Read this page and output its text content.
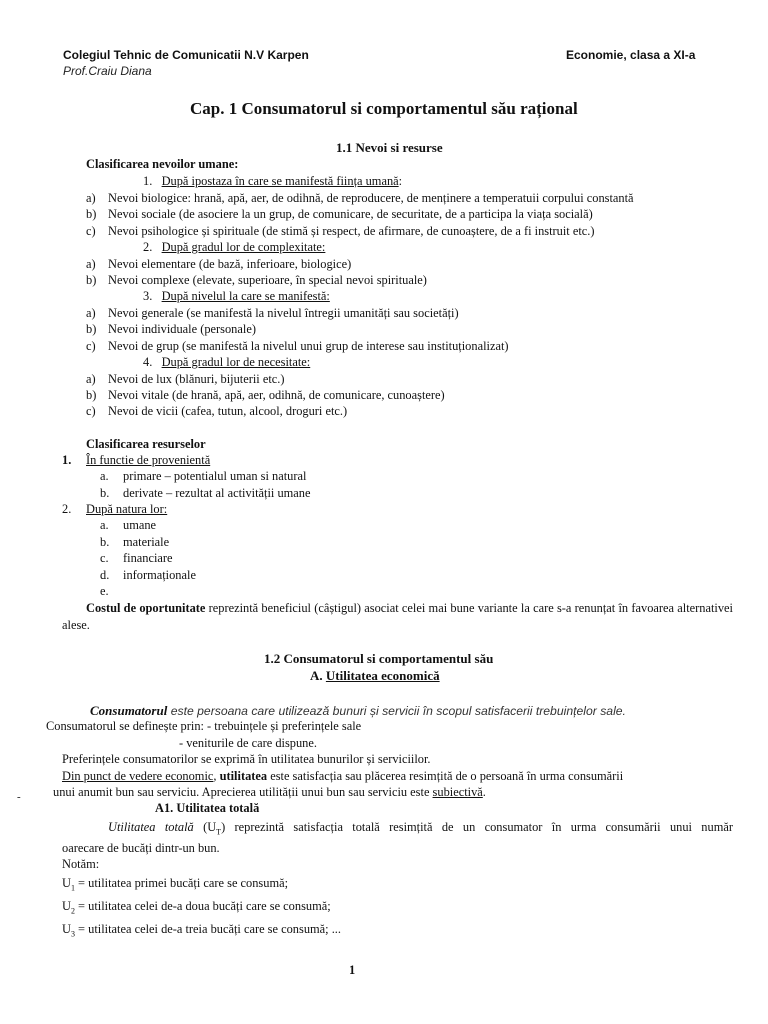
Colegiul Tehnic de Comunicatii N.V Karpen
Prof.Craiu Diana
Economie, clasa a XI-a
Cap. 1 Consumatorul si comportamentul său rațional
1.1 Nevoi si resurse
Clasificarea nevoilor umane:
1. După ipostaza în care se manifestă ființa umană:
a) Nevoi biologice: hrană, apă, aer, de odihnă, de reproducere, de menținere a temperatuii corpului constantă
b) Nevoi sociale (de asociere la un grup, de comunicare, de securitate, de a participa la viața socială)
c) Nevoi psihologice și spirituale (de stimă și respect, de afirmare, de cunoaștere, de a fi instruit etc.)
2. După gradul lor de complexitate:
a) Nevoi elementare (de bază, inferioare, biologice)
b) Nevoi complexe (elevate, superioare, în special nevoi spirituale)
3. După nivelul la care se manifestă:
a) Nevoi generale (se manifestă la nivelul întregii umanități sau societăți)
b) Nevoi individuale (personale)
c) Nevoi de grup (se manifestă la nivelul unui grup de interese sau instituționalizat)
4. După gradul lor de necesitate:
a) Nevoi de lux (blănuri, bijuterii etc.)
b) Nevoi vitale (de hrană, apă, aer, odihnă, de comunicare, cunoaștere)
c) Nevoi de vicii (cafea, tutun, alcool, droguri etc.)
Clasificarea resurselor
1. În functie de provenientă
a. primare – potentialul uman si natural
b. derivate – rezultat al activității umane
2. După natura lor:
a. umane
b. materiale
c. financiare
d. informaționale
e.
Costul de oportunitate reprezintă beneficiul (câștigul) asociat celei mai bune variante la care s-a renunțat în favoarea alternativei alese.
1.2 Consumatorul si comportamentul său
A. Utilitatea economică
Consumatorul este persoana care utilizează bunuri și servicii în scopul satisfacerii trebuințelor sale.
Consumatorul se definește prin: - trebuințele și preferințele sale
- veniturile de care dispune.
Preferințele consumatorilor se exprimă în utilitatea bunurilor și serviciilor.
Din punct de vedere economic, utilitatea este satisfacția sau plăcerea resimțită de o persoană în urma consumării
unui anumit bun sau serviciu. Aprecierea utilității unui bun sau serviciu este subiectivă.
-
A1. Utilitatea totală
Utilitatea totală $(U_T)$ reprezintă satisfacția totală resimțită de un consumator în urma consumării unui număr
oarecare de bucăți dintr-un bun.
Notăm:
$U_1$ = utilitatea primei bucăți care se consumă;
$U_2$ = utilitatea celei de-a doua bucăți care se consumă;
$U_3$ = utilitatea celei de-a treia bucăți care se consumă; ...
1
